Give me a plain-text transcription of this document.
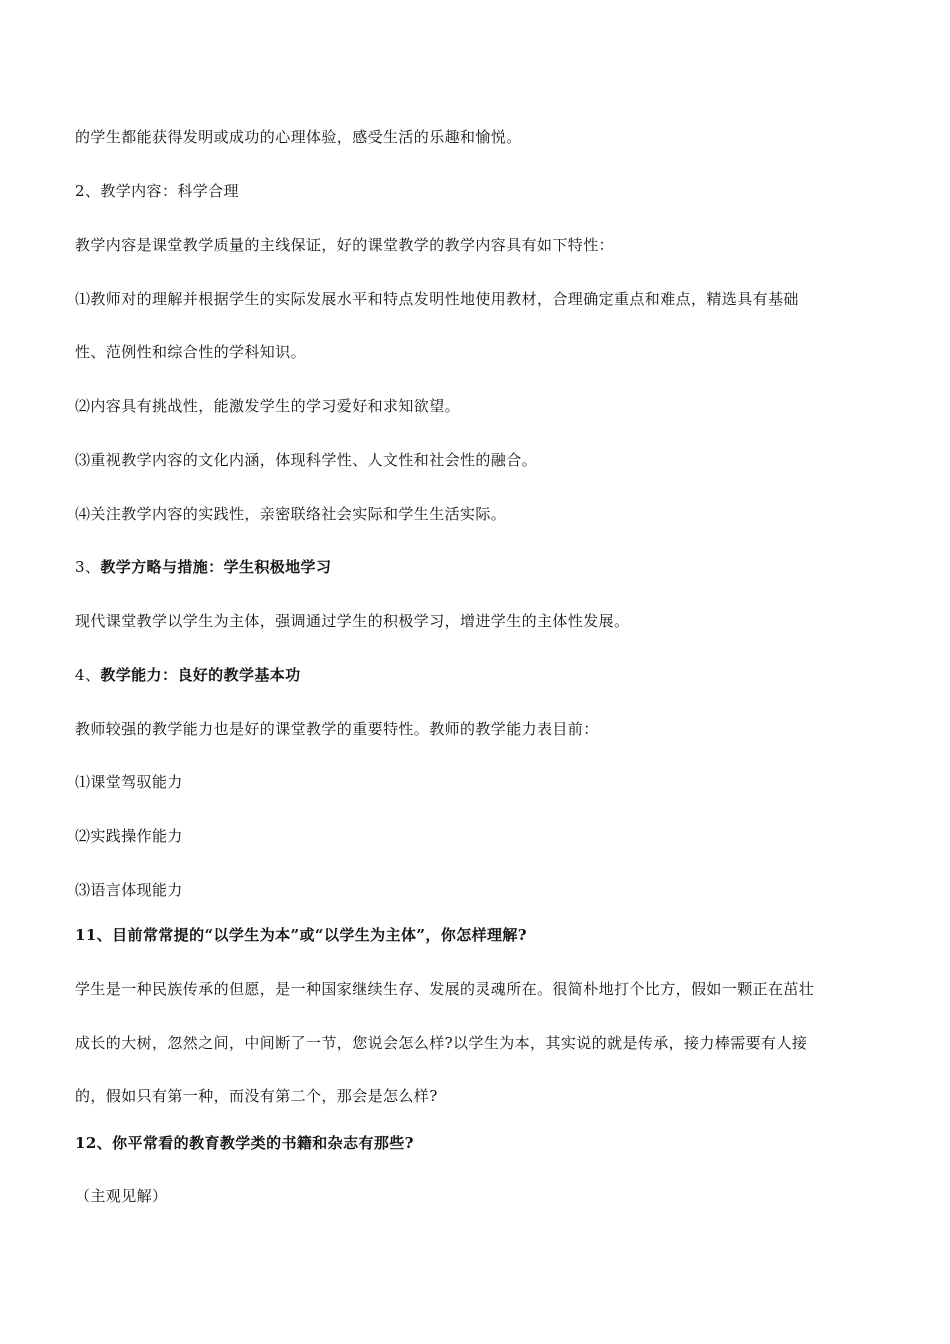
的学生都能获得发明或成功的心理体验，感受生活的乐趣和愉悦。
2、教学内容：科学合理
教学内容是课堂教学质量的主线保证，好的课堂教学的教学内容具有如下特性：
⑴教师对的理解并根据学生的实际发展水平和特点发明性地使用教材，合理确定重点和难点，精选具有基础
性、范例性和综合性的学科知识。
⑵内容具有挑战性，能激发学生的学习爱好和求知欲望。
⑶重视教学内容的文化内涵，体现科学性、人文性和社会性的融合。
⑷关注教学内容的实践性，亲密联络社会实际和学生生活实际。
3、教学方略与措施：学生积极地学习
现代课堂教学以学生为主体，强调通过学生的积极学习，增进学生的主体性发展。
4、教学能力：良好的教学基本功
教师较强的教学能力也是好的课堂教学的重要特性。教师的教学能力表目前：
⑴课堂驾驭能力
⑵实践操作能力
⑶语言体现能力
11、目前常常提的“以学生为本”或“以学生为主体”，你怎样理解?
学生是一种民族传承的但愿，是一种国家继续生存、发展的灵魂所在。很简朴地打个比方，假如一颗正在茁壮
成长的大树，忽然之间，中间断了一节，您说会怎么样?以学生为本，其实说的就是传承，接力棒需要有人接
的，假如只有第一种，而没有第二个，那会是怎么样?
12、你平常看的教育教学类的书籍和杂志有那些?
（主观见解）
